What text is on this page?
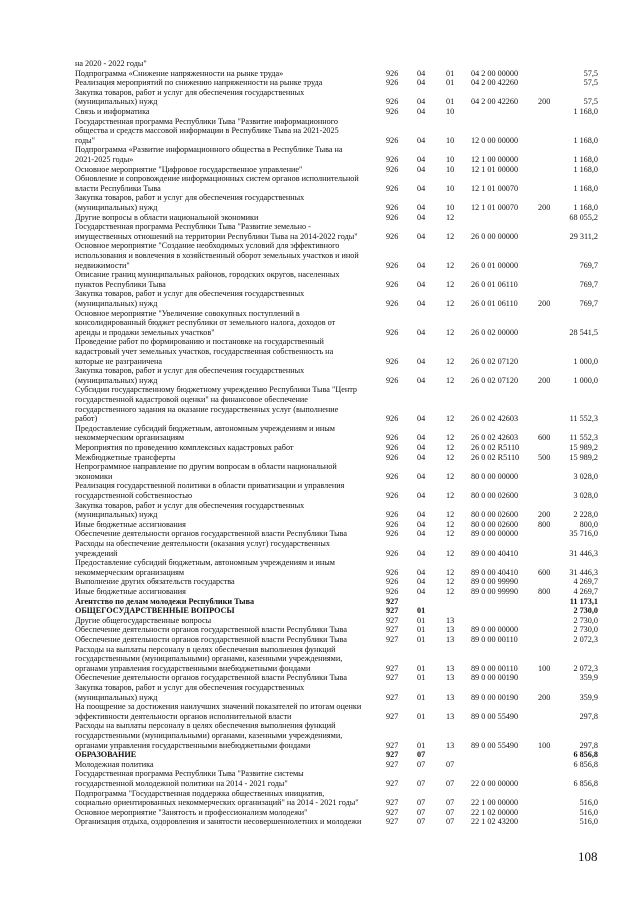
на 2020 - 2022 годы"
Подпрограмма «Снижение напряженности на рынке труда»	926	04	01	04 2 00 00000	57,5
Реализация мероприятий по снижению напряженности на рынке труда	926	04	01	04 2 00 42260	57,5
Закупка товаров, работ и услуг для обеспечения государственных
(муниципальных) нужд	926	04	01	04 2 00 42260	200	57,5
Связь и информатика	926	04	10	1 168,0
Государственная программа Республики Тыва "Развитие информационного
общества и средств массовой информации в Республике Тыва на 2021-2025
годы"	926	04	10	12 0 00 00000	1 168,0
Подпрограмма «Развитие информационного общества в Республике Тыва на
2021-2025 годы»	926	04	10	12 1 00 00000	1 168,0
Основное мероприятие "Цифровое государственное управление"	926	04	10	12 1 01 00000	1 168,0
Обновление и сопровождение информационных систем органов исполнительной
власти Республики Тыва	926	04	10	12 1 01 00070	1 168,0
Закупка товаров, работ и услуг для обеспечения государственных
(муниципальных) нужд	926	04	10	12 1 01 00070	200	1 168,0
Другие вопросы в области национальной экономики	926	04	12	68 055,2
Государственная программа Республики Тыва "Развитие земельно -
имущественных отношений на территории Республики Тыва на 2014-2022 годы"	926	04	12	26 0 00 00000	29 311,2
Основное мероприятие "Создание необходимых условий для эффективного
использования и вовлечения в хозяйственный оборот земельных участков и иной
недвижимости"	926	04	12	26 0 01 00000	769,7
Описание границ муниципальных районов, городских округов, населенных
пунктов Республики Тыва	926	04	12	26 0 01 06110	769,7
Закупка товаров, работ и услуг для обеспечения государственных
(муниципальных) нужд	926	04	12	26 0 01 06110	200	769,7
Основное мероприятие "Увеличение совокупных поступлений в
консолидированный бюджет республики от земельного налога, доходов от
аренды и продажи земельных участков"	926	04	12	26 0 02 00000	28 541,5
Проведение работ по формированию и постановке на государственный
кадастровый учет земельных участков, государственная собственность на
которые не разграничена	926	04	12	26 0 02 07120	1 000,0
Закупка товаров, работ и услуг для обеспечения государственных
(муниципальных) нужд	926	04	12	26 0 02 07120	200	1 000,0
Субсидии государственному бюджетному учреждению Республики Тыва "Центр
государственной кадастровой оценки" на финансовое обеспечение
государственного задания на оказание государственных услуг (выполнение
работ)	926	04	12	26 0 02 42603	11 552,3
Предоставление субсидий бюджетным, автономным учреждениям и иным
некоммерческим организациям	926	04	12	26 0 02 42603	600	11 552,3
Мероприятия по проведению комплексных кадастровых работ	926	04	12	26 0 02 R5110	15 989,2
Межбюджетные трансферты	926	04	12	26 0 02 R5110	500	15 989,2
Непрограммное направление по другим вопросам в области национальной
экономики	926	04	12	80 0 00 00000	3 028,0
Реализация государственной политики в области приватизации и управления
государственной собственностью	926	04	12	80 0 00 02600	3 028,0
Закупка товаров, работ и услуг для обеспечения государственных
(муниципальных) нужд	926	04	12	80 0 00 02600	200	2 228,0
Иные бюджетные ассигнования	926	04	12	80 0 00 02600	800	800,0
Обеспечение деятельности органов государственной власти Республики Тыва	926	04	12	89 0 00 00000	35 716,0
Расходы на обеспечение деятельности (оказания услуг) государственных
учреждений	926	04	12	89 0 00 40410	31 446,3
Предоставление субсидий бюджетным, автономным учреждениям и иным
некоммерческим организациям	926	04	12	89 0 00 40410	600	31 446,3
Выполнение других обязательств государства	926	04	12	89 0 00 99990	4 269,7
Иные бюджетные ассигнования	926	04	12	89 0 00 99990	800	4 269,7
Агентство по делам молодежи Республики Тыва	927	11 173,1
ОБЩЕГОСУДАРСТВЕННЫЕ ВОПРОСЫ	927	01	2 730,0
Другие общегосударственные вопросы	927	01	13	2 730,0
Обеспечение деятельности органов государственной власти Республики Тыва	927	01	13	89 0 00 00000	2 730,0
Обеспечение деятельности органов государственной власти Республики Тыва	927	01	13	89 0 00 00110	2 072,3
Расходы на выплаты персоналу в целях обеспечения выполнения функций
государственными (муниципальными) органами, казенными учреждениями,
органами управления государственными внебюджетными фондами	927	01	13	89 0 00 00110	100	2 072,3
Обеспечение деятельности органов государственной власти Республики Тыва	927	01	13	89 0 00 00190	359,9
Закупка товаров, работ и услуг для обеспечения государственных
(муниципальных) нужд	927	01	13	89 0 00 00190	200	359,9
На поощрение за достижения наилучших значений показателей по итогам оценки
эффективности деятельности органов исполнительной власти	927	01	13	89 0 00 55490	297,8
Расходы на выплаты персоналу в целях обеспечения выполнения функций
государственными (муниципальными) органами, казенными учреждениями,
органами управления государственными внебюджетными фондами	927	01	13	89 0 00 55490	100	297,8
ОБРАЗОВАНИЕ	927	07	6 856,8
Молодежная политика	927	07	07	6 856,8
Государственная программа Республики Тыва "Развитие системы
государственной молодежной политики на 2014 - 2021 годы"	927	07	07	22 0 00 00000	6 856,8
Подпрограмма "Государственная поддержка общественных инициатив,
социально ориентированных некоммерческих организаций" на 2014 - 2021 годы"	927	07	07	22 1 00 00000	516,0
Основное мероприятие "Занятость и профессионализм молодежи"	927	07	07	22 1 02 00000	516,0
Организация отдыха, оздоровления и занятости несовершеннолетних и молодежи	927	07	07	22 1 02 43200	516,0
108
